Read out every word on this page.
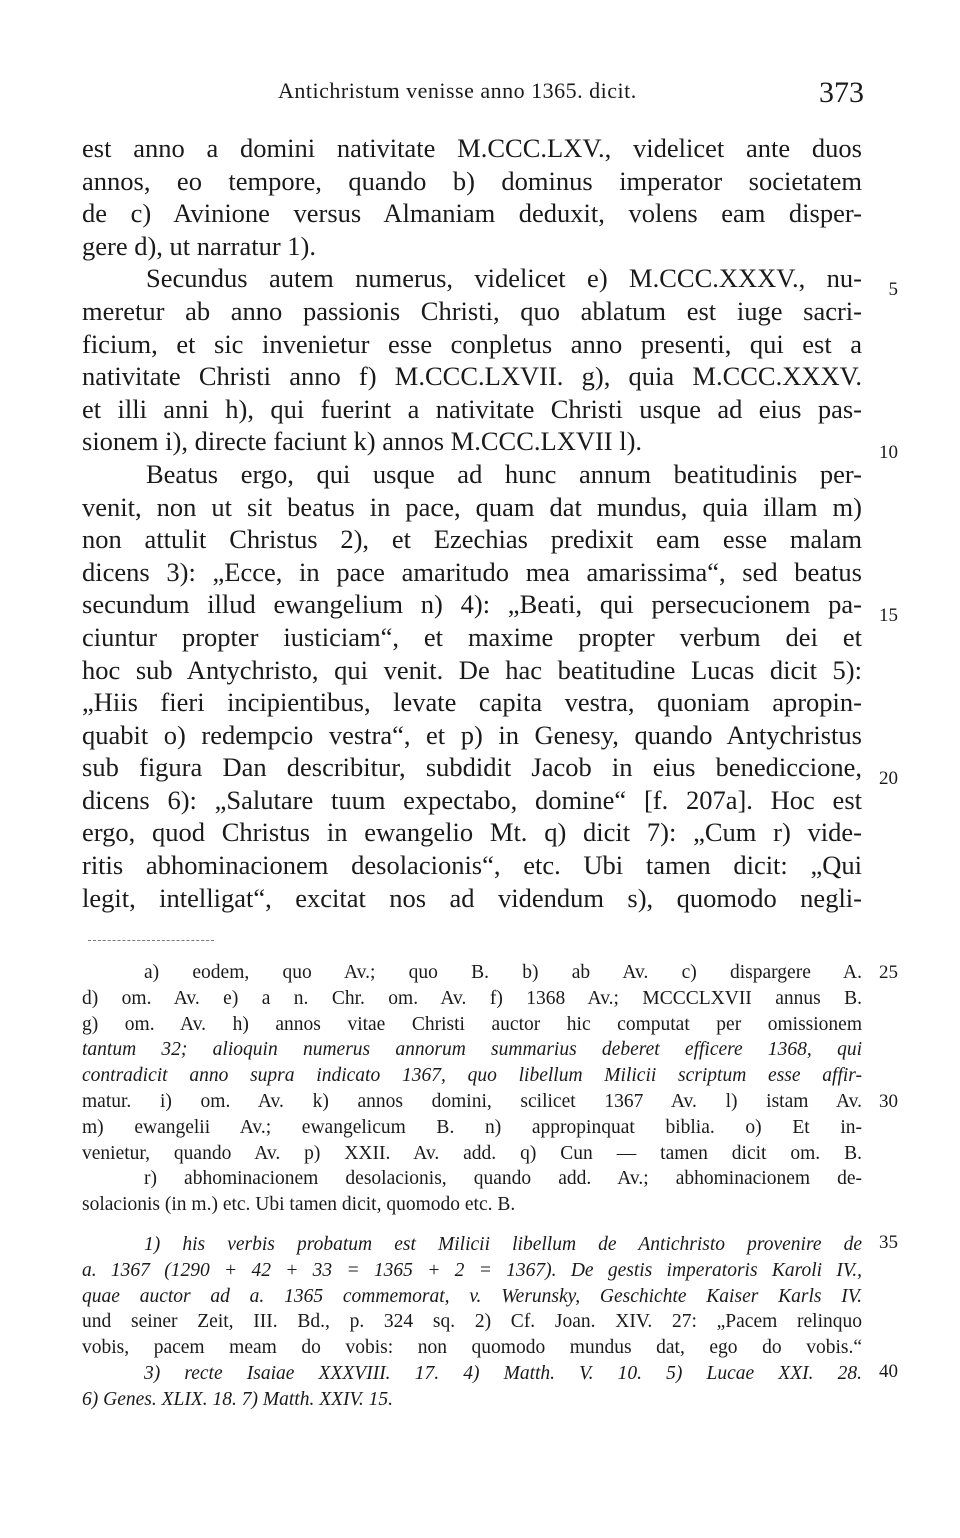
Antichristum venisse anno 1365. dicit.	373
est anno a domini nativitate M.CCC.LXV., videlicet ante duos
annos, eo tempore, quando b) dominus imperator societatem
de c) Avinione versus Almaniam deduxit, volens eam disper-
gere d), ut narratur 1).
Secundus autem numerus, videlicet e) M.CCC.XXXV., nu-
meretur ab anno passionis Christi, quo ablatum est iuge sacri-
ficium, et sic invenietur esse conpletus anno presenti, qui est a
nativitate Christi anno f) M.CCC.LXVII. g), quia M.CCC.XXXV.
et illi anni h), qui fuerint a nativitate Christi usque ad eius pas-
sionem i), directe faciunt k) annos M.CCC.LXVII l).
Beatus ergo, qui usque ad hunc annum beatitudinis per-
venit, non ut sit beatus in pace, quam dat mundus, quia illam m)
non attulit Christus 2), et Ezechias predixit eam esse malam
dicens 3): „Ecce, in pace amaritudo mea amarissima“, sed beatus
secundum illud ewangelium n) 4): „Beati, qui persecucionem pa-
ciuntur propter iusticiam“, et maxime propter verbum dei et
hoc sub Antychristo, qui venit. De hac beatitudine Lucas dicit 5):
„Hiis fieri incipientibus, levate capita vestra, quoniam apropin-
quabit o) redempcio vestra“, et p) in Genesy, quando Antychristus
sub figura Dan describitur, subdidit Jacob in eius benediccione,
dicens 6): „Salutare tuum expectabo, domine“ [f. 207a]. Hoc est
ergo, quod Christus in ewangelio Mt. q) dicit 7): „Cum r) vide-
ritis abhominacionem desolacionis“, etc. Ubi tamen dicit: „Qui
legit, intelligat“, excitat nos ad videndum s), quomodo negli-
5
10
15
20
a) eodem, quo Av.; quo B. b) ab Av. c) dispargere A.
d) om. Av. e) a n. Chr. om. Av. f) 1368 Av.; MCCCLXVII annus B.
g) om. Av. h) annos vitae Christi auctor hic computat per omissionem
tantum 32; alioquin numerus annorum summarius deberet efficere 1368, qui
contradicit anno supra indicato 1367, quo libellum Milicii scriptum esse affir-
matur. i) om. Av. k) annos domini, scilicet 1367 Av. l) istam Av.
m) ewangelii Av.; ewangelicum B. n) appropinquat biblia. o) Et in-
venietur, quando Av. p) XXII. Av. add. q) Cun — tamen dicit om. B.
r) abhominacionem desolacionis, quando add. Av.; abhominacionem de-
solacionis (in m.) etc. Ubi tamen dicit, quomodo etc. B.
1) his verbis probatum est Milicii libellum de Antichristo provenire de
a. 1367 (1290 + 42 + 33 = 1365 + 2 = 1367). De gestis imperatoris Karoli IV.,
quae auctor ad a. 1365 commemorat, v. Werunsky, Geschichte Kaiser Karls IV.
und seiner Zeit, III. Bd., p. 324 sq. 2) Cf. Joan. XIV. 27: „Pacem relinquo
vobis, pacem meam do vobis: non quomodo mundus dat, ego do vobis.“
3) recte Isaiae XXXVIII. 17. 4) Matth. V. 10. 5) Lucae XXI. 28.
6) Genes. XLIX. 18. 7) Matth. XXIV. 15.
25
30
35
40
